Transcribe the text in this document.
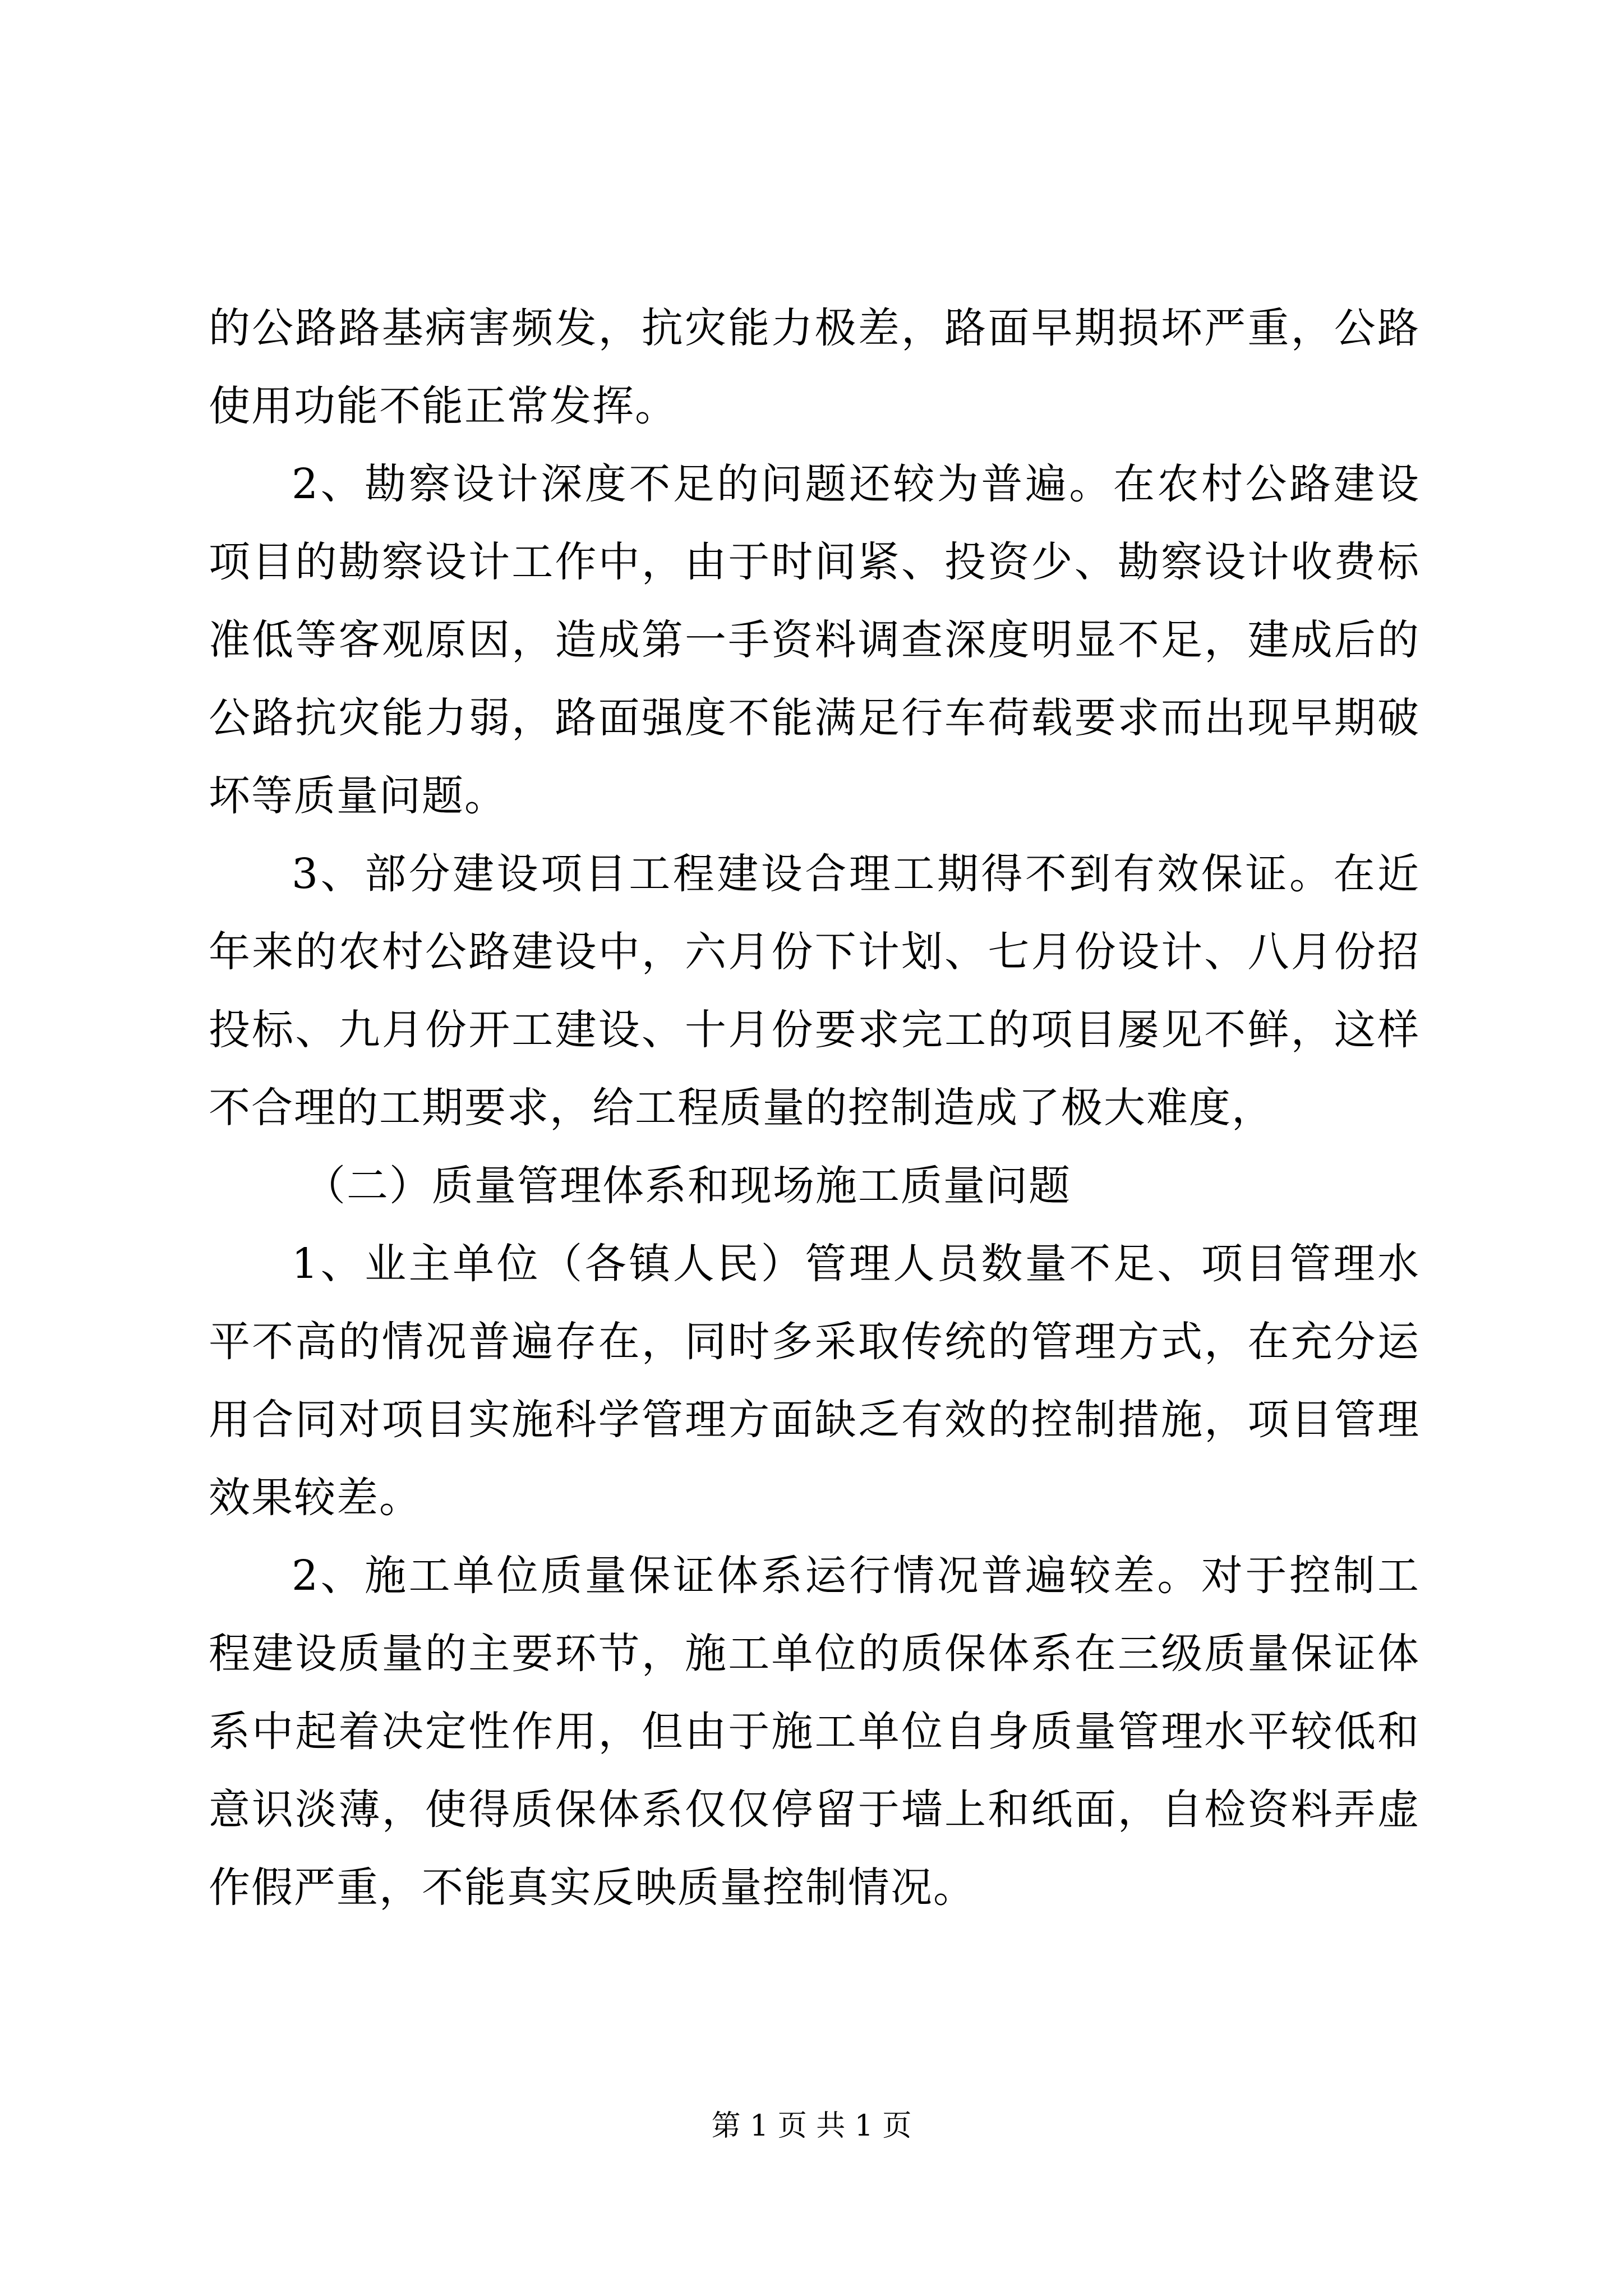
的公路路基病害频发，抗灾能力极差，路面早期损坏严重，公路使用功能不能正常发挥。

2、勘察设计深度不足的问题还较为普遍。在农村公路建设项目的勘察设计工作中，由于时间紧、投资少、勘察设计收费标准低等客观原因，造成第一手资料调查深度明显不足，建成后的公路抗灾能力弱，路面强度不能满足行车荷载要求而出现早期破坏等质量问题。

3、部分建设项目工程建设合理工期得不到有效保证。在近年来的农村公路建设中，六月份下计划、七月份设计、八月份招投标、九月份开工建设、十月份要求完工的项目屡见不鲜，这样不合理的工期要求，给工程质量的控制造成了极大难度，

（二）质量管理体系和现场施工质量问题

1、业主单位（各镇人民）管理人员数量不足、项目管理水平不高的情况普遍存在，同时多采取传统的管理方式，在充分运用合同对项目实施科学管理方面缺乏有效的控制措施，项目管理效果较差。

2、施工单位质量保证体系运行情况普遍较差。对于控制工程建设质量的主要环节，施工单位的质保体系在三级质量保证体系中起着决定性作用，但由于施工单位自身质量管理水平较低和意识淡薄，使得质保体系仅仅停留于墙上和纸面，自检资料弄虚作假严重，不能真实反映质量控制情况。

第 1 页 共 1 页
